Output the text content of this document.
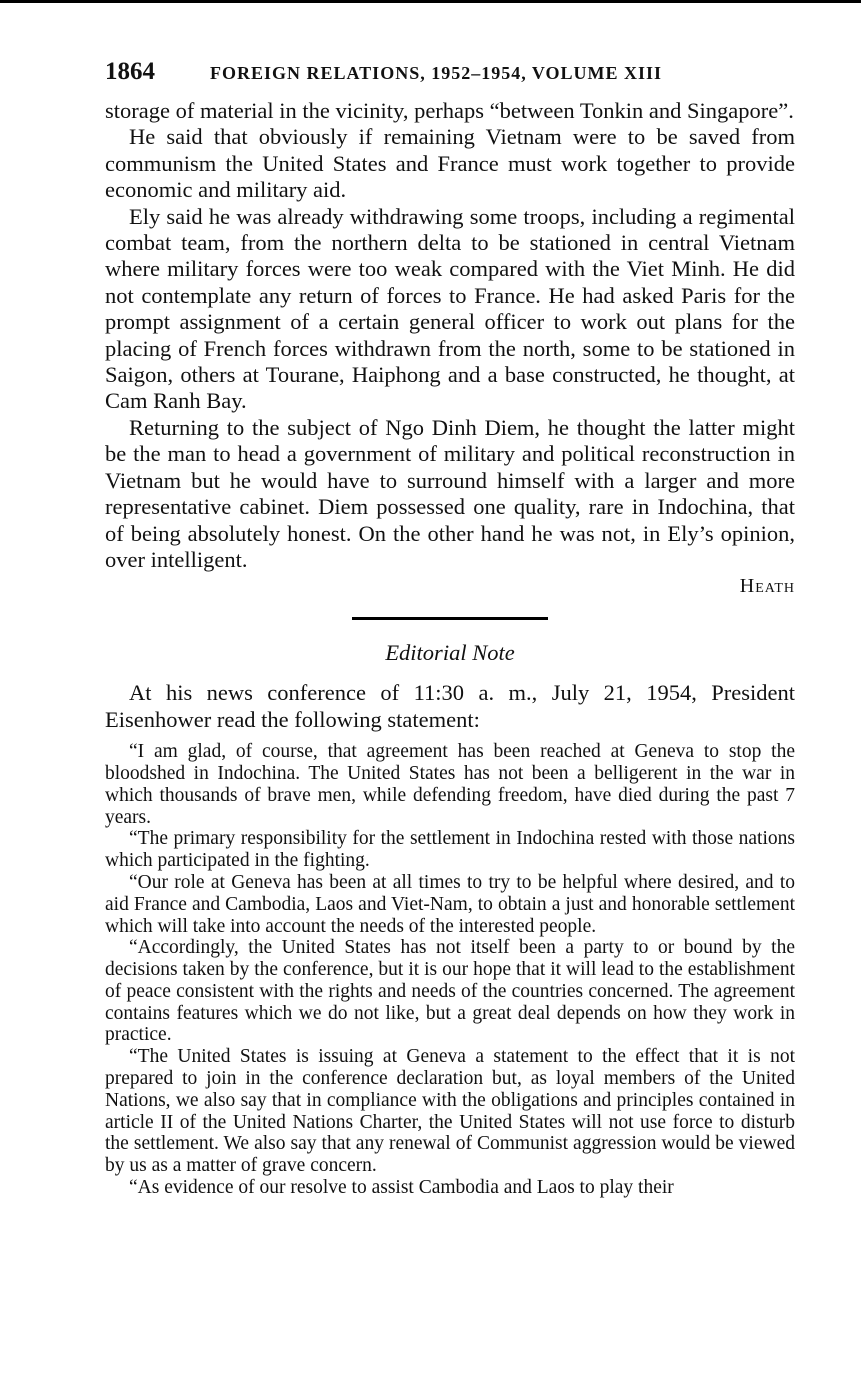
1864	FOREIGN RELATIONS, 1952–1954, VOLUME XIII

storage of material in the vicinity, perhaps “between Tonkin and Singapore”.

He said that obviously if remaining Vietnam were to be saved from communism the United States and France must work together to provide economic and military aid.

Ely said he was already withdrawing some troops, including a regimental combat team, from the northern delta to be stationed in central Vietnam where military forces were too weak compared with the Viet Minh. He did not contemplate any return of forces to France. He had asked Paris for the prompt assignment of a certain general officer to work out plans for the placing of French forces withdrawn from the north, some to be stationed in Saigon, others at Tourane, Haiphong and a base constructed, he thought, at Cam Ranh Bay.

Returning to the subject of Ngo Dinh Diem, he thought the latter might be the man to head a government of military and political reconstruction in Vietnam but he would have to surround himself with a larger and more representative cabinet. Diem possessed one quality, rare in Indochina, that of being absolutely honest. On the other hand he was not, in Ely’s opinion, over intelligent.

Heath
Editorial Note

At his news conference of 11:30 a. m., July 21, 1954, President Eisenhower read the following statement:

“I am glad, of course, that agreement has been reached at Geneva to stop the bloodshed in Indochina. The United States has not been a belligerent in the war in which thousands of brave men, while defending freedom, have died during the past 7 years.

“The primary responsibility for the settlement in Indochina rested with those nations which participated in the fighting.

“Our role at Geneva has been at all times to try to be helpful where desired, and to aid France and Cambodia, Laos and Viet-Nam, to obtain a just and honorable settlement which will take into account the needs of the interested people.

“Accordingly, the United States has not itself been a party to or bound by the decisions taken by the conference, but it is our hope that it will lead to the establishment of peace consistent with the rights and needs of the countries concerned. The agreement contains features which we do not like, but a great deal depends on how they work in practice.

“The United States is issuing at Geneva a statement to the effect that it is not prepared to join in the conference declaration but, as loyal members of the United Nations, we also say that in compliance with the obligations and principles contained in article II of the United Nations Charter, the United States will not use force to disturb the settlement. We also say that any renewal of Communist aggression would be viewed by us as a matter of grave concern.

“As evidence of our resolve to assist Cambodia and Laos to play their
